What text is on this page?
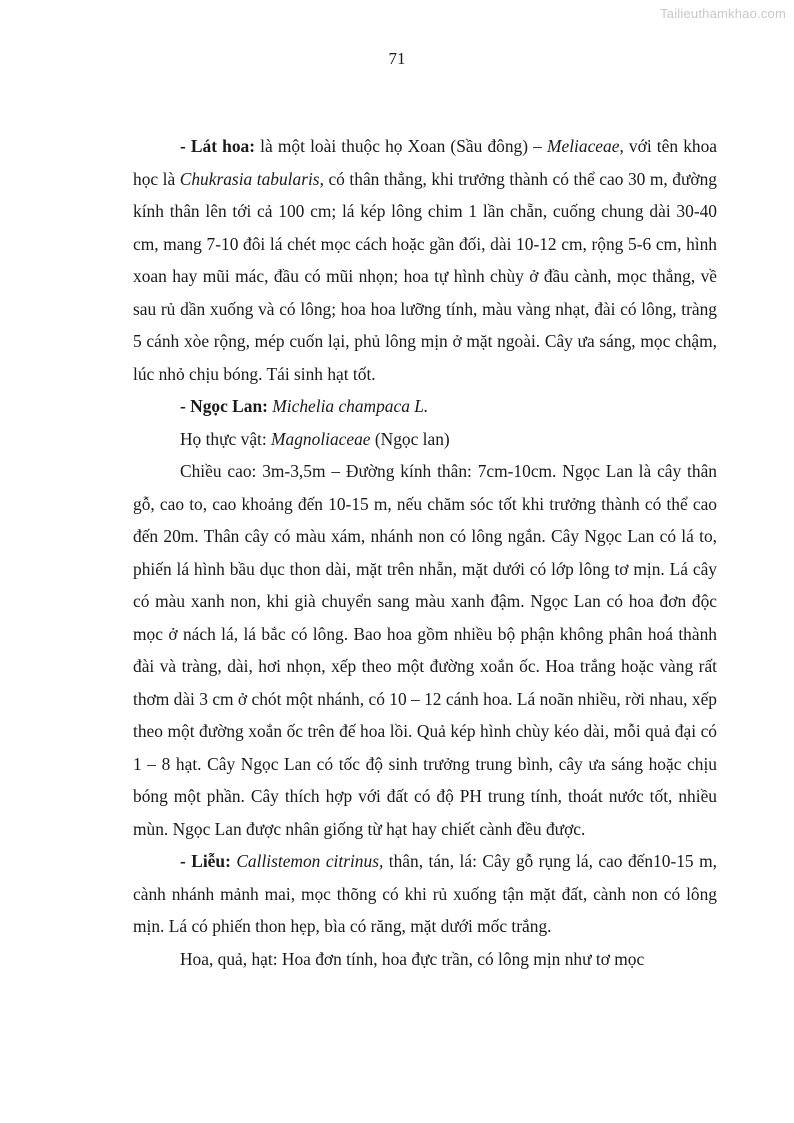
Tailieuthamkhao.com
71

- Lát hoa: là một loài thuộc họ Xoan (Sầu đông) – Meliaceae, với tên khoa học là Chukrasia tabularis, có thân thẳng, khi trưởng thành có thể cao 30 m, đường kính thân lên tới cả 100 cm; lá kép lông chim 1 lần chẵn, cuống chung dài 30-40 cm, mang 7-10 đôi lá chét mọc cách hoặc gần đối, dài 10-12 cm, rộng 5-6 cm, hình xoan hay mũi mác, đầu có mũi nhọn; hoa tự hình chùy ở đầu cành, mọc thẳng, về sau rủ dần xuống và có lông; hoa hoa lưỡng tính, màu vàng nhạt, đài có lông, tràng 5 cánh xòe rộng, mép cuốn lại, phủ lông mịn ở mặt ngoài. Cây ưa sáng, mọc chậm, lúc nhỏ chịu bóng. Tái sinh hạt tốt.

- Ngọc Lan: Michelia champaca L.

Họ thực vật: Magnoliaceae (Ngọc lan)

Chiều cao: 3m-3,5m – Đường kính thân: 7cm-10cm. Ngọc Lan là cây thân gỗ, cao to, cao khoảng đến 10-15 m, nếu chăm sóc tốt khi trưởng thành có thể cao đến 20m. Thân cây có màu xám, nhánh non có lông ngắn. Cây Ngọc Lan có lá to, phiến lá hình bầu dục thon dài, mặt trên nhẵn, mặt dưới có lớp lông tơ mịn. Lá cây có màu xanh non, khi già chuyển sang màu xanh đậm. Ngọc Lan có hoa đơn độc mọc ở nách lá, lá bắc có lông. Bao hoa gồm nhiều bộ phận không phân hoá thành đài và tràng, dài, hơi nhọn, xếp theo một đường xoắn ốc. Hoa trắng hoặc vàng rất thơm dài 3 cm ở chót một nhánh, có 10 – 12 cánh hoa. Lá noãn nhiều, rời nhau, xếp theo một đường xoắn ốc trên đế hoa lồi. Quả kép hình chùy kéo dài, mỗi quả đại có 1 – 8 hạt. Cây Ngọc Lan có tốc độ sinh trưởng trung bình, cây ưa sáng hoặc chịu bóng một phần. Cây thích hợp với đất có độ PH trung tính, thoát nước tốt, nhiều mùn. Ngọc Lan được nhân giống từ hạt hay chiết cành đều được.

- Liễu: Callistemon citrinus, thân, tán, lá: Cây gỗ rụng lá, cao đến10-15 m, cành nhánh mảnh mai, mọc thõng có khi rủ xuống tận mặt đất, cành non có lông mịn. Lá có phiến thon hẹp, bìa có răng, mặt dưới mốc trắng.

Hoa, quả, hạt: Hoa đơn tính, hoa đực trần, có lông mịn như tơ mọc
